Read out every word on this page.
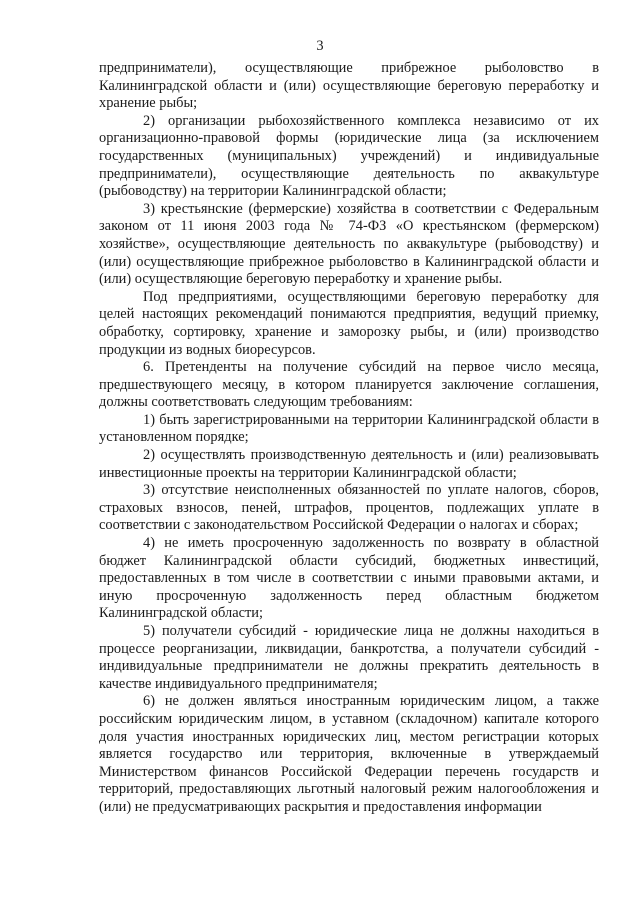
3

предприниматели), осуществляющие прибрежное рыболовство в Калининградской области и (или) осуществляющие береговую переработку и хранение рыбы;

2) организации рыбохозяйственного комплекса независимо от их организационно-правовой формы (юридические лица (за исключением государственных (муниципальных) учреждений) и индивидуальные предприниматели), осуществляющие деятельность по аквакультуре (рыбоводству) на территории Калининградской области;

3) крестьянские (фермерские) хозяйства в соответствии с Федеральным законом от 11 июня 2003 года № 74-ФЗ «О крестьянском (фермерском) хозяйстве», осуществляющие деятельность по аквакультуре (рыбоводству) и (или) осуществляющие прибрежное рыболовство в Калининградской области и (или) осуществляющие береговую переработку и хранение рыбы.

Под предприятиями, осуществляющими береговую переработку для целей настоящих рекомендаций понимаются предприятия, ведущий приемку, обработку, сортировку, хранение и заморозку рыбы, и (или) производство продукции из водных биоресурсов.

6. Претенденты на получение субсидий на первое число месяца, предшествующего месяцу, в котором планируется заключение соглашения, должны соответствовать следующим требованиям:

1) быть зарегистрированными на территории Калининградской области в установленном порядке;

2) осуществлять производственную деятельность и (или) реализовывать инвестиционные проекты на территории Калининградской области;

3) отсутствие неисполненных обязанностей по уплате налогов, сборов, страховых взносов, пеней, штрафов, процентов, подлежащих уплате в соответствии с законодательством Российской Федерации о налогах и сборах;

4) не иметь просроченную задолженность по возврату в областной бюджет Калининградской области субсидий, бюджетных инвестиций, предоставленных в том числе в соответствии с иными правовыми актами, и иную просроченную задолженность перед областным бюджетом Калининградской области;

5) получатели субсидий - юридические лица не должны находиться в процессе реорганизации, ликвидации, банкротства, а получатели субсидий - индивидуальные предприниматели не должны прекратить деятельность в качестве индивидуального предпринимателя;

6) не должен являться иностранным юридическим лицом, а также российским юридическим лицом, в уставном (складочном) капитале которого доля участия иностранных юридических лиц, местом регистрации которых является государство или территория, включенные в утверждаемый Министерством финансов Российской Федерации перечень государств и территорий, предоставляющих льготный налоговый режим налогообложения и (или) не предусматривающих раскрытия и предоставления информации
